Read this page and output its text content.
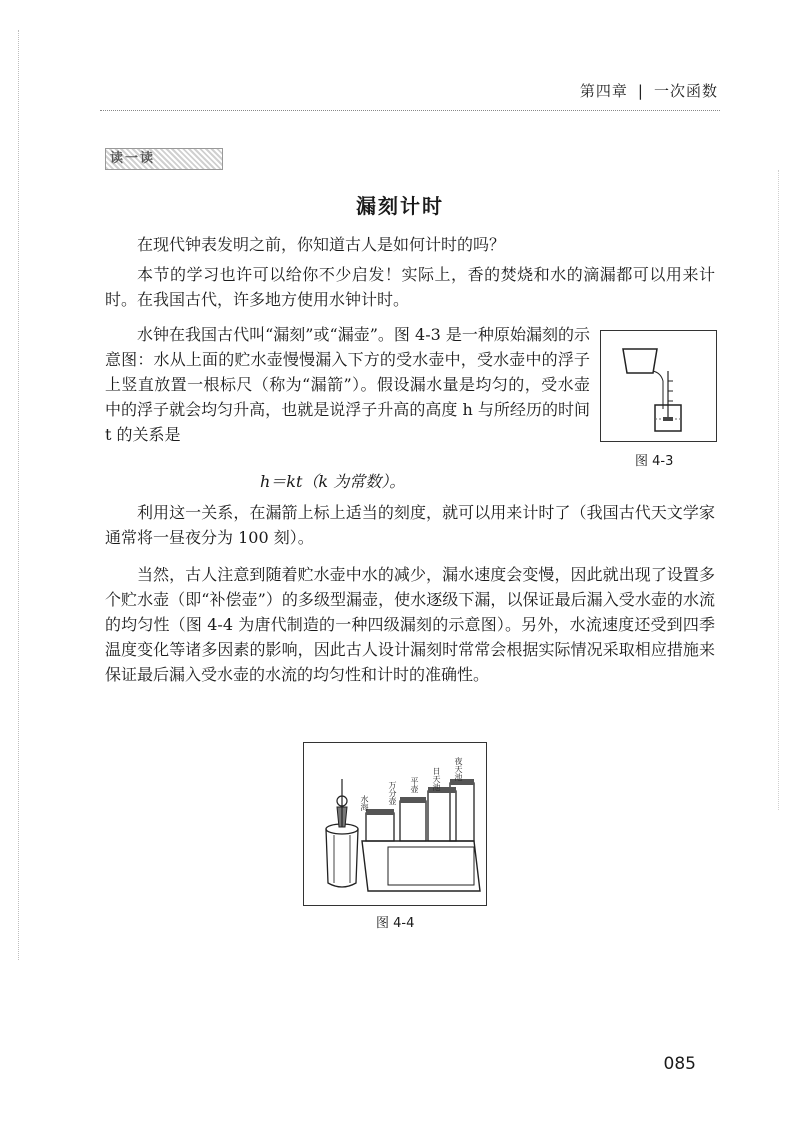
第四章 | 一次函数
读一读
漏刻计时

在现代钟表发明之前，你知道古人是如何计时的吗？

本节的学习也许可以给你不少启发！实际上，香的焚烧和水的滴漏都可以用来计时。在我国古代，许多地方使用水钟计时。

水钟在我国古代叫“漏刻”或“漏壶”。图 4-3 是一种原始漏刻的示意图：水从上面的贮水壶慢慢漏入下方的受水壶中，受水壶中的浮子上竖直放置一根标尺（称为“漏箭”）。假设漏水量是均匀的，受水壶中的浮子就会均匀升高，也就是说浮子升高的高度 h 与所经历的时间 t 的关系是

图 4-3
h＝kt（k 为常数）。

利用这一关系，在漏箭上标上适当的刻度，就可以用来计时了（我国古代天文学家通常将一昼夜分为 100 刻）。

当然，古人注意到随着贮水壶中水的减少，漏水速度会变慢，因此就出现了设置多个贮水壶（即“补偿壶”）的多级型漏壶，使水逐级下漏，以保证最后漏入受水壶的水流的均匀性（图 4-4 为唐代制造的一种四级漏刻的示意图）。另外，水流速度还受到四季温度变化等诸多因素的影响，因此古人设计漏刻时常常会根据实际情况采取相应措施来保证最后漏入受水壶的水流的均匀性和计时的准确性。

夜天池
日天池
平壶
万分壶
水海
图 4-4
085
